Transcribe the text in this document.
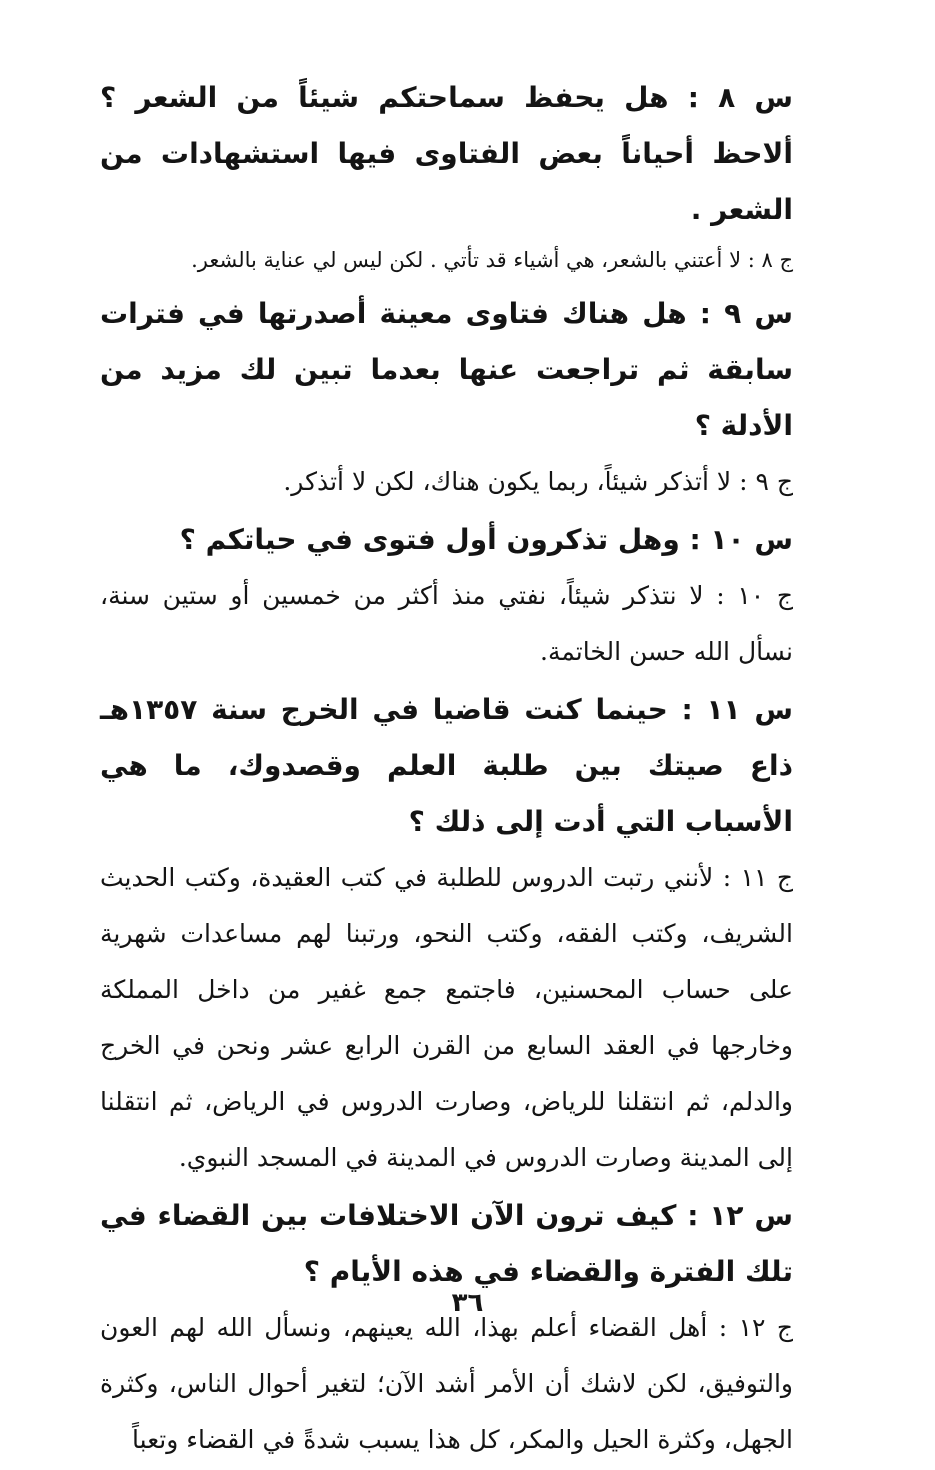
س ٨ : هل يحفظ سماحتكم شيئاً من الشعر ؟ ألاحظ أحياناً بعض الفتاوى فيها استشهادات من الشعر .

ج ٨ : لا أعتني بالشعر، هي أشياء قد تأتي . لكن ليس لي عناية بالشعر.

س ٩ : هل هناك فتاوى معينة أصدرتها في فترات سابقة ثم تراجعت عنها بعدما تبين لك مزيد من الأدلة ؟

ج ٩ : لا أتذكر شيئاً، ربما يكون هناك، لكن لا أتذكر.

س ١٠ : وهل تذكرون أول فتوى في حياتكم ؟

ج ١٠ : لا نتذكر شيئاً، نفتي منذ أكثر من خمسين أو ستين سنة، نسأل الله حسن الخاتمة.

س ١١ : حينما كنت قاضيا في الخرج سنة ١٣٥٧هـ ذاع صيتك بين طلبة العلم وقصدوك، ما هي الأسباب التي أدت إلى ذلك ؟

ج ١١ : لأنني رتبت الدروس للطلبة في كتب العقيدة، وكتب الحديث الشريف، وكتب الفقه، وكتب النحو، ورتبنا لهم مساعدات شهرية على حساب المحسنين، فاجتمع جمع غفير من داخل المملكة وخارجها في العقد السابع من القرن الرابع عشر ونحن في الخرج والدلم، ثم انتقلنا للرياض، وصارت الدروس في الرياض، ثم انتقلنا إلى المدينة وصارت الدروس في المدينة في المسجد النبوي.

س ١٢ : كيف ترون الآن الاختلافات بين القضاء في تلك الفترة والقضاء في هذه الأيام ؟

ج ١٢ : أهل القضاء أعلم بهذا، الله يعينهم، ونسأل الله لهم العون والتوفيق، لكن لاشك أن الأمر أشد الآن؛ لتغير أحوال الناس، وكثرة الجهل، وكثرة الحيل والمكر، كل هذا يسبب شدةً في القضاء وتعباً

٣٦
